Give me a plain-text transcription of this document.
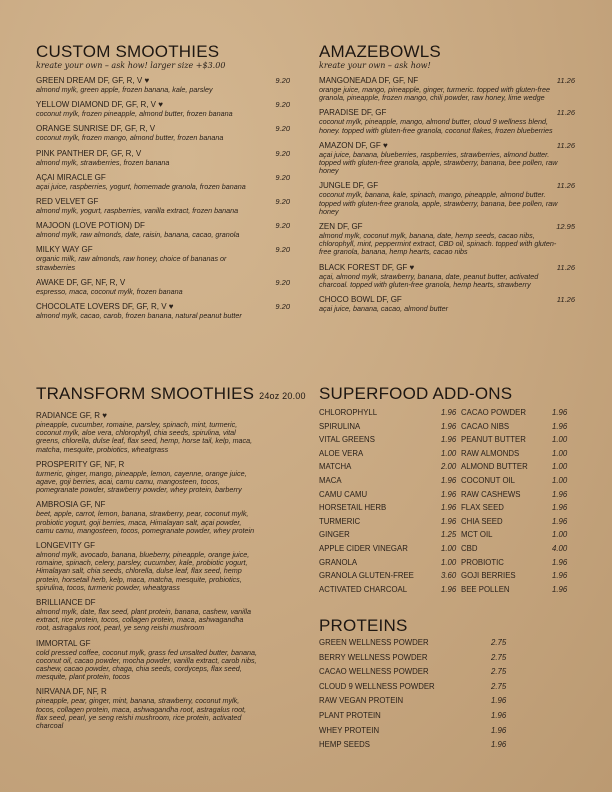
CUSTOM SMOOTHIES
kreate your own – ask how! larger size +$3.00
GREEN DREAM DF, GF, R, V ♥	9.20
almond mylk, green apple, frozen banana, kale, parsley
YELLOW DIAMOND DF, GF, R, V ♥	9.20
coconut mylk, frozen pineapple, almond butter, frozen banana
ORANGE SUNRISE DF, GF, R, V	9.20
coconut mylk, frozen mango, almond butter, frozen banana
PINK PANTHER DF, GF, R, V	9.20
almond mylk, strawberries, frozen banana
AÇAI MIRACLE GF	9.20
açai juice, raspberries, yogurt, homemade granola, frozen banana
RED VELVET GF	9.20
almond mylk, yogurt, raspberries, vanilla extract, frozen banana
MAJOON (LOVE POTION) DF	9.20
almond mylk, raw almonds, date, raisin, banana, cacao, granola
MILKY WAY GF	9.20
organic milk, raw almonds, raw honey, choice of bananas or strawberries
AWAKE DF, GF, NF, R, V	9.20
espresso, maca, coconut mylk, frozen banana
CHOCOLATE LOVERS DF, GF, R, V ♥	9.20
almond mylk, cacao, carob, frozen banana, natural peanut butter
TRANSFORM SMOOTHIES 24oz 20.00
RADIANCE GF, R ♥
pineapple, cucumber, romaine, parsley, spinach, mint, turmeric, coconut mylk, aloe vera, chlorophyll, chia seeds, spirulina, vital greens, chlorella, dulse leaf, flax seed, hemp, horse tail, kelp, maca, matcha, mesquite, probiotics, wheatgrass
PROSPERITY GF, NF, R
turmeric, ginger, mango, pineapple, lemon, cayenne, orange juice, agave, goji berries, acai, camu camu, mangosteen, tocos, pomegranate powder, strawberry powder, whey protein, barberry
AMBROSIA GF, NF
beet, apple, carrot, lemon, banana, strawberry, pear, coconut mylk, probiotic yogurt, goji berries, maca, Himalayan salt, açai powder, camu camu, mangosteen, tocos, pomegranate powder, whey protein
LONGEVITY GF
almond mylk, avocado, banana, blueberry, pineapple, orange juice, romaine, spinach, celery, parsley, cucumber, kale, probiotic yogurt, Himalayan salt, chia seeds, chlorella, dulse leaf, flax seed, hemp protein, horsetail herb, kelp, maca, matcha, mesquite, probiotics, spirulina, tocos, turmeric powder, wheatgrass
BRILLIANCE DF
almond mylk, date, flax seed, plant protein, banana, cashew, vanilla extract, rice protein, tocos, collagen protein, maca, ashwagandha root, astragalus root, pearl, ye seng reishi mushroom
IMMORTAL GF
cold pressed coffee, coconut mylk, grass fed unsalted butter, banana, coconut oil, cacao powder, mocha powder, vanilla extract, carob nibs, cashew, cacao powder, chaga, chia seeds, cordyceps, flax seed, mesquite, plant protein, tocos
NIRVANA DF, NF, R
pineapple, pear, ginger, mint, banana, strawberry, coconut mylk, tocos, collagen protein, maca, ashwagandha root, astragalus root, flax seed, pearl, ye seng reishi mushroom, rice protein, activated charcoal
AMAZEBOWLS
kreate your own – ask how!
MANGONEADA DF, GF, NF	11.26
orange juice, mango, pineapple, ginger, turmeric. topped with gluten-free granola, pineapple, frozen mango, chili powder, raw honey, lime wedge
PARADISE DF, GF	11.26
coconut mylk, pineapple, mango, almond butter, cloud 9 wellness blend, honey. topped with gluten-free granola, coconut flakes, frozen blueberries
AMAZON DF, GF ♥	11.26
açai juice, banana, blueberries, raspberries, strawberries, almond butter. topped with gluten-free granola, apple, strawberry, banana, bee pollen, raw honey
JUNGLE DF, GF	11.26
coconut mylk, banana, kale, spinach, mango, pineapple, almond butter. topped with gluten-free granola, apple, strawberry, banana, bee pollen, raw honey
ZEN DF, GF	12.95
almond mylk, coconut mylk, banana, date, hemp seeds, cacao nibs, chlorophyll, mint, peppermint extract, CBD oil, spinach. topped with gluten-free granola, banana, hemp hearts, cacao nibs
BLACK FOREST DF, GF ♥	11.26
açai, almond mylk, strawberry, banana, date, peanut butter, activated charcoal. topped with gluten-free granola, hemp hearts, strawberry
CHOCO BOWL DF, GF	11.26
açai juice, banana, cacao, almond butter
SUPERFOOD ADD-ONS
CHLOROPHYLL	1.96 CACAO POWDER	1.96
SPIRULINA	1.96 CACAO NIBS	1.96
VITAL GREENS	1.96 PEANUT BUTTER	1.00
ALOE VERA	1.00 RAW ALMONDS	1.00
MATCHA	2.00 ALMOND BUTTER	1.00
MACA	1.96 COCONUT OIL	1.00
CAMU CAMU	1.96 RAW CASHEWS	1.96
HORSETAIL HERB	1.96 FLAX SEED	1.96
TURMERIC	1.96 CHIA SEED	1.96
GINGER	1.25 MCT OIL	1.00
APPLE CIDER VINEGAR	1.00 CBD	4.00
GRANOLA	1.00 PROBIOTIC	1.96
GRANOLA GLUTEN-FREE	3.60 GOJI BERRIES	1.96
ACTIVATED CHARCOAL	1.96 BEE POLLEN	1.96
PROTEINS
GREEN WELLNESS POWDER	2.75
BERRY WELLNESS POWDER	2.75
CACAO WELLNESS POWDER	2.75
CLOUD 9 WELLNESS POWDER	2.75
RAW VEGAN PROTEIN	1.96
PLANT PROTEIN	1.96
WHEY PROTEIN	1.96
HEMP SEEDS	1.96
